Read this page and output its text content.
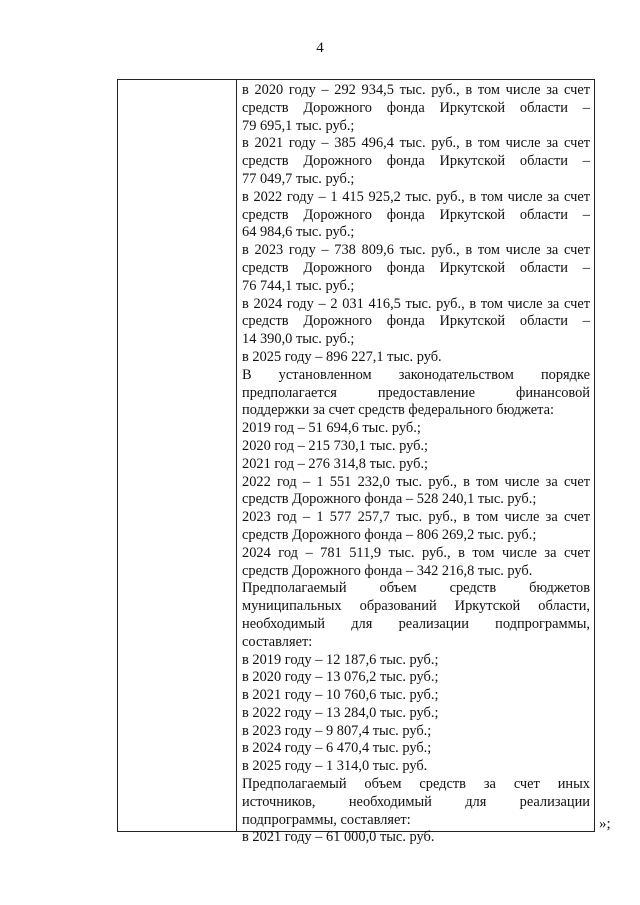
4
в 2020 году – 292 934,5 тыс. руб., в том числе за счет
средств Дорожного фонда Иркутской области –
79 695,1 тыс. руб.;
в 2021 году – 385 496,4 тыс. руб., в том числе за счет
средств Дорожного фонда Иркутской области –
77 049,7 тыс. руб.;
в 2022 году – 1 415 925,2 тыс. руб., в том числе за счет
средств Дорожного фонда Иркутской области –
64 984,6 тыс. руб.;
в 2023 году – 738 809,6 тыс. руб., в том числе за счет
средств Дорожного фонда Иркутской области –
76 744,1 тыс. руб.;
в 2024 году – 2 031 416,5 тыс. руб., в том числе за счет
средств Дорожного фонда Иркутской области –
14 390,0 тыс. руб.;
в 2025 году – 896 227,1 тыс. руб.
В установленном законодательством порядке
предполагается предоставление финансовой
поддержки за счет средств федерального бюджета:
2019 год – 51 694,6 тыс. руб.;
2020 год – 215 730,1 тыс. руб.;
2021 год – 276 314,8 тыс. руб.;
2022 год – 1 551 232,0 тыс. руб., в том числе за счет
средств Дорожного фонда – 528 240,1 тыс. руб.;
2023 год – 1 577 257,7 тыс. руб., в том числе за счет
средств Дорожного фонда – 806 269,2 тыс. руб.;
2024 год – 781 511,9 тыс. руб., в том числе за счет
средств Дорожного фонда – 342 216,8 тыс. руб.
Предполагаемый объем средств бюджетов
муниципальных образований Иркутской области,
необходимый для реализации подпрограммы,
составляет:
в 2019 году – 12 187,6 тыс. руб.;
в 2020 году – 13 076,2 тыс. руб.;
в 2021 году – 10 760,6 тыс. руб.;
в 2022 году – 13 284,0 тыс. руб.;
в 2023 году – 9 807,4 тыс. руб.;
в 2024 году – 6 470,4 тыс. руб.;
в 2025 году – 1 314,0 тыс. руб.
Предполагаемый объем средств за счет иных
источников, необходимый для реализации
подпрограммы, составляет:
в 2021 году – 61 000,0 тыс. руб.
»;
